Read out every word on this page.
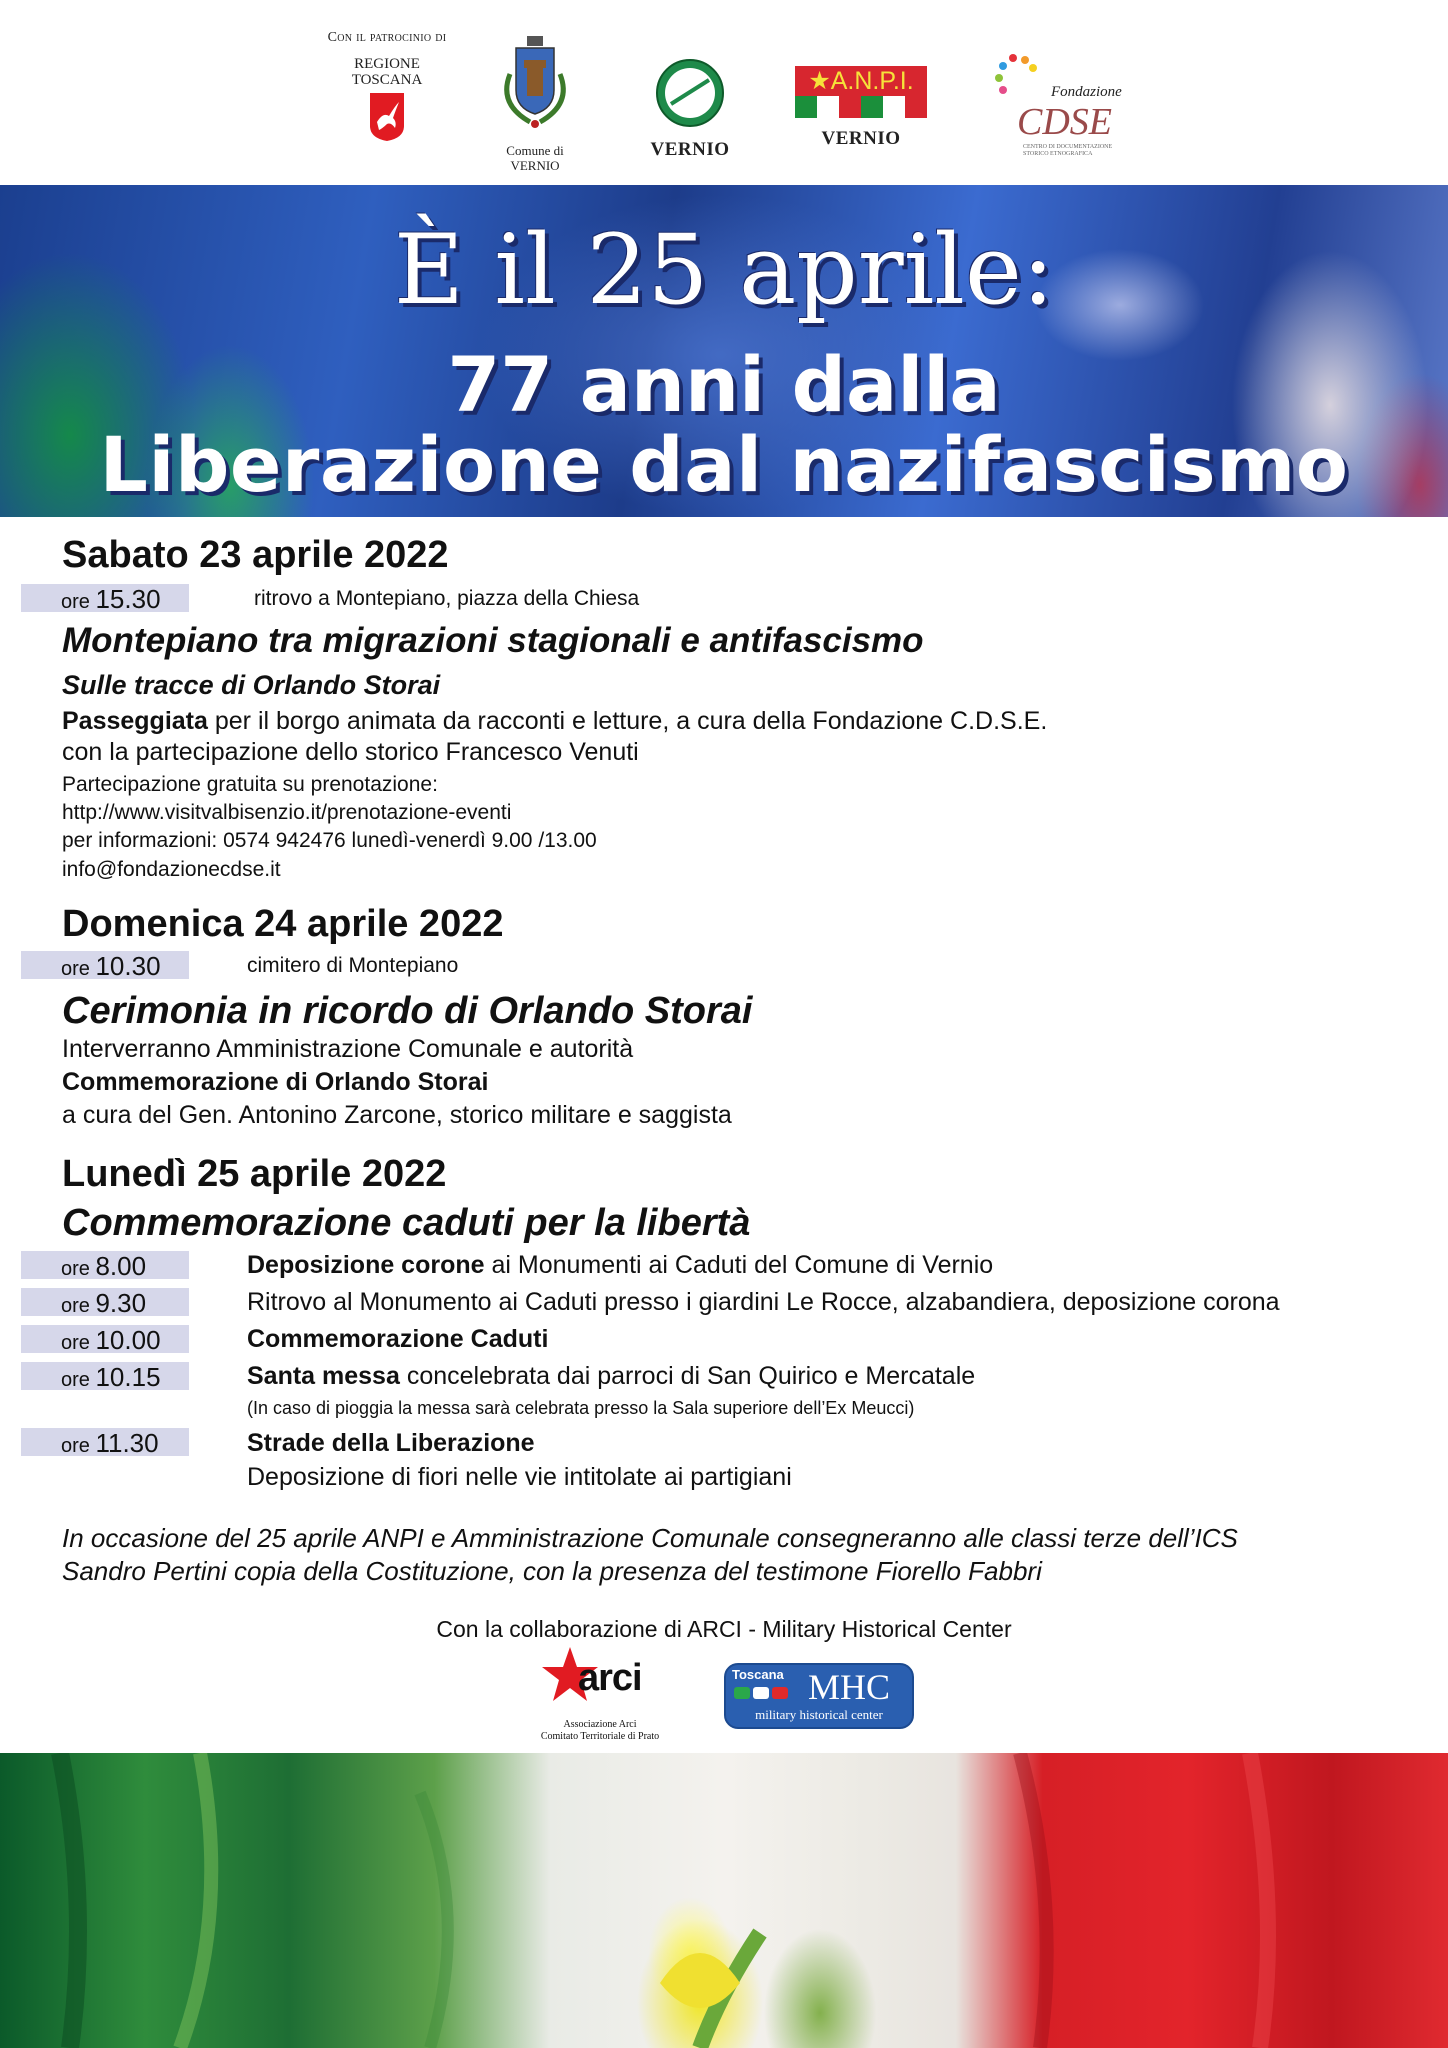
Con il patrocinio di
REGIONE
TOSCANA
Comune di
VERNIO
VERNIO
★A.N.P.I.
VERNIO
Fondazione
CDSE
CENTRO DI DOCUMENTAZIONE STORICO ETNOGRAFICA
È il 25 aprile:
77 anni dalla
Liberazione dal nazifascismo
Sabato 23 aprile 2022
ore 15.30	ritrovo a Montepiano, piazza della Chiesa
Montepiano tra migrazioni stagionali e antifascismo
Sulle tracce di Orlando Storai
Passeggiata per il borgo animata da racconti e letture, a cura della Fondazione C.D.S.E.
con la partecipazione dello storico Francesco Venuti
Partecipazione gratuita su prenotazione:
http://www.visitvalbisenzio.it/prenotazione-eventi
per informazioni: 0574 942476 lunedì-venerdì 9.00 /13.00
info@fondazionecdse.it
Domenica 24 aprile 2022
ore 10.30	cimitero di Montepiano
Cerimonia in ricordo di Orlando Storai
Interverranno Amministrazione Comunale e autorità
Commemorazione di Orlando Storai
a cura del Gen. Antonino Zarcone, storico militare e saggista
Lunedì 25 aprile 2022
Commemorazione caduti per la libertà
ore 8.00	Deposizione corone ai Monumenti ai Caduti del Comune di Vernio
ore 9.30	Ritrovo al Monumento ai Caduti presso i giardini Le Rocce, alzabandiera, deposizione corona
ore 10.00	Commemorazione Caduti
ore 10.15	Santa messa concelebrata dai parroci di San Quirico e Mercatale
(In caso di pioggia la messa sarà celebrata presso la Sala superiore dell’Ex Meucci)
ore 11.30	Strade della Liberazione
Deposizione di fiori nelle vie intitolate ai partigiani
In occasione del 25 aprile ANPI e Amministrazione Comunale consegneranno alle classi terze dell’ICS
Sandro Pertini copia della Costituzione, con la presenza del testimone Fiorello Fabbri
Con la collaborazione di ARCI - Military Historical Center
arci
Associazione Arci
Comitato Territoriale di Prato
Toscana MHC
military historical center
